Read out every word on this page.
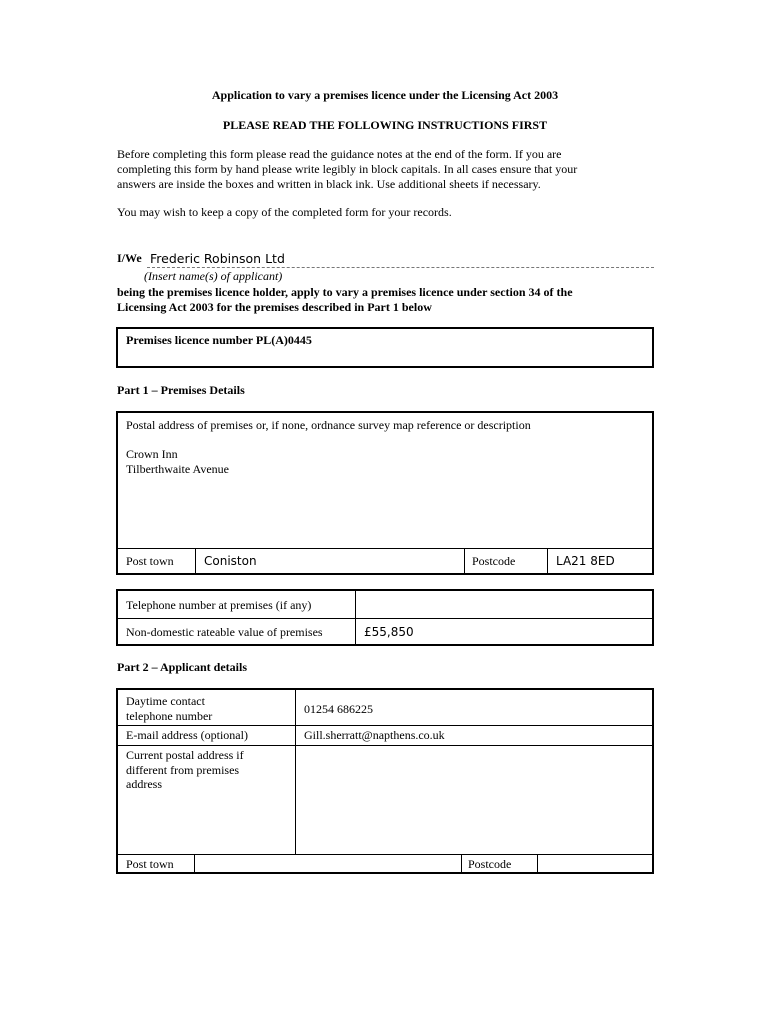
Application to vary a premises licence under the Licensing Act 2003
PLEASE READ THE FOLLOWING INSTRUCTIONS FIRST
Before completing this form please read the guidance notes at the end of the form. If you are
completing this form by hand please write legibly in block capitals. In all cases ensure that your
answers are inside the boxes and written in black ink. Use additional sheets if necessary.
You may wish to keep a copy of the completed form for your records.
I/We Frederic Robinson Ltd
(Insert name(s) of applicant)
being the premises licence holder, apply to vary a premises licence under section 34 of the
Licensing Act 2003 for the premises described in Part 1 below
Premises licence number PL(A)0445
Part 1 – Premises Details
Postal address of premises or, if none, ordnance survey map reference or description
Crown Inn
Tilberthwaite Avenue
Post town	Coniston	Postcode	LA21 8ED
Telephone number at premises (if any)
Non-domestic rateable value of premises	£55,850
Part 2 – Applicant details
Daytime contact
telephone number	01254 686225
E-mail address (optional)	Gill.sherratt@napthens.co.uk
Current postal address if
different from premises
address
Post town	Postcode
